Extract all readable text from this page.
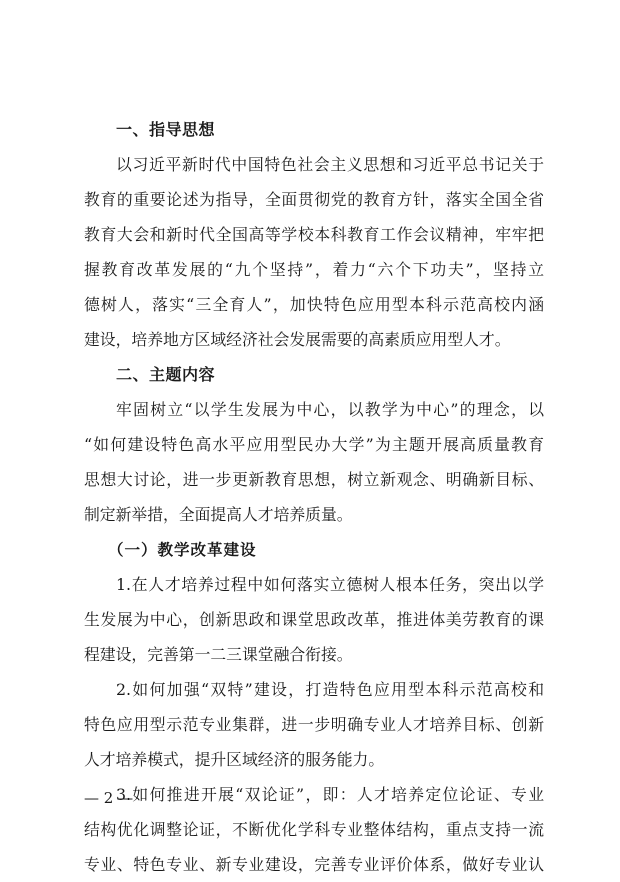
一、指导思想

以习近平新时代中国特色社会主义思想和习近平总书记关于
教育的重要论述为指导，全面贯彻党的教育方针，落实全国全省
教育大会和新时代全国高等学校本科教育工作会议精神，牢牢把
握教育改革发展的“九个坚持”，着力“六个下功夫”，坚持立
德树人，落实“三全育人”，加快特色应用型本科示范高校内涵
建设，培养地方区域经济社会发展需要的高素质应用型人才。

二、主题内容

牢固树立“以学生发展为中心，以教学为中心”的理念，以
“如何建设特色高水平应用型民办大学”为主题开展高质量教育
思想大讨论，进一步更新教育思想，树立新观念、明确新目标、
制定新举措，全面提高人才培养质量。

（一）教学改革建设

1.在人才培养过程中如何落实立德树人根本任务，突出以学
生发展为中心，创新思政和课堂思政改革，推进体美劳教育的课
程建设，完善第一二三课堂融合衔接。

2.如何加强“双特”建设，打造特色应用型本科示范高校和
特色应用型示范专业集群，进一步明确专业人才培养目标、创新
人才培养模式，提升区域经济的服务能力。

3.如何推进开展“双论证”，即：人才培养定位论证、专业
结构优化调整论证，不断优化学科专业整体结构，重点支持一流
专业、特色专业、新专业建设，完善专业评价体系，做好专业认

— 2 —
